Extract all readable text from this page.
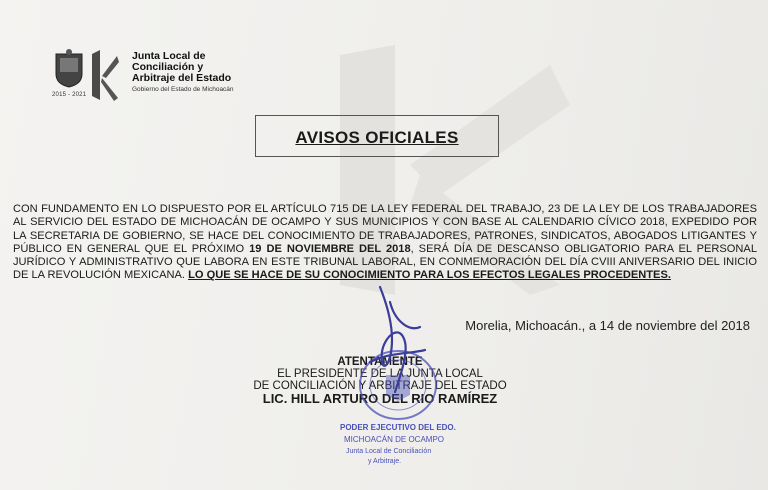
2015 - 2021
Junta Local de
Conciliación y
Arbitraje del Estado
Gobierno del Estado de Michoacán
AVISOS OFICIALES
CON FUNDAMENTO EN LO DISPUESTO POR EL ARTÍCULO 715 DE LA LEY FEDERAL DEL TRABAJO, 23 DE LA LEY DE LOS TRABAJADORES AL SERVICIO DEL ESTADO DE MICHOACÁN DE OCAMPO Y SUS MUNICIPIOS Y CON BASE AL CALENDARIO CÍVICO 2018, EXPEDIDO POR LA SECRETARIA DE GOBIERNO, SE HACE DEL CONOCIMIENTO DE TRABAJADORES, PATRONES, SINDICATOS, ABOGADOS LITIGANTES Y PÚBLICO EN GENERAL QUE EL PRÓXIMO 19 DE NOVIEMBRE DEL 2018, SERÁ DÍA DE DESCANSO OBLIGATORIO PARA EL PERSONAL JURÍDICO Y ADMINISTRATIVO QUE LABORA EN ESTE TRIBUNAL LABORAL, EN CONMEMORACIÓN DEL DÍA CVIII ANIVERSARIO DEL INICIO DE LA REVOLUCIÓN MEXICANA. LO QUE SE HACE DE SU CONOCIMIENTO PARA LOS EFECTOS LEGALES PROCEDENTES.
Morelia, Michoacán., a 14 de noviembre del 2018
ATENTAMENTE
EL PRESIDENTE DE LA JUNTA LOCAL
DE CONCILIACIÓN Y ARBITRAJE DEL ESTADO
LIC. HILL ARTURO DEL RIO RAMÍREZ
PODER EJECUTIVO DEL EDO.
MICHOACÁN DE OCAMPO
Junta Local de Conciliación
y Arbitraje.
